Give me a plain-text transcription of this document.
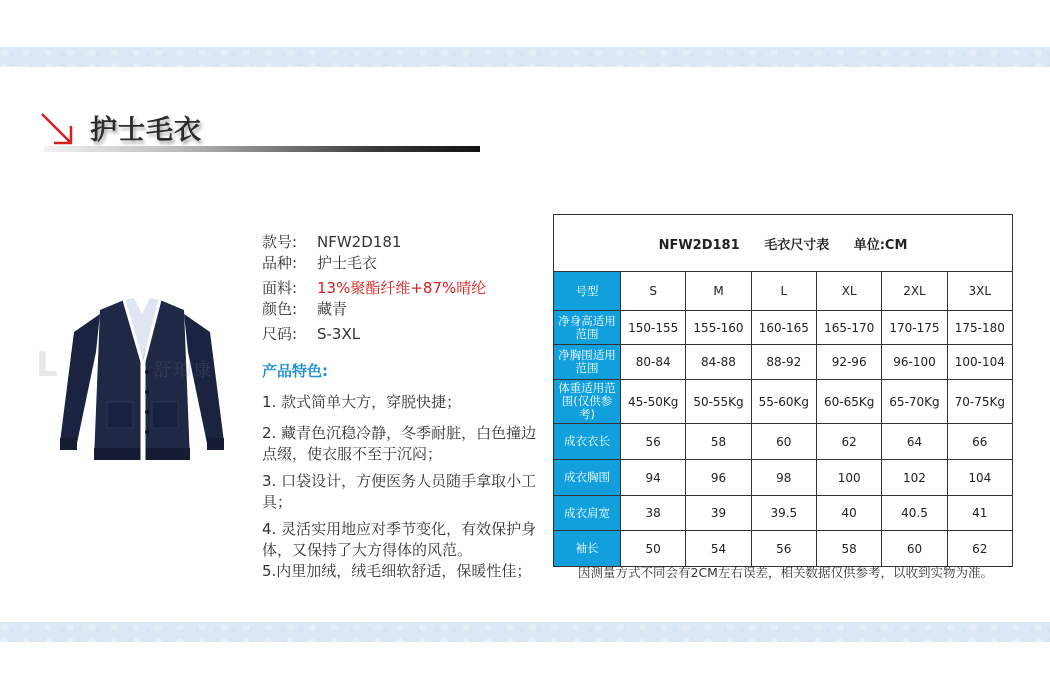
护士毛衣
L	舒珀康
款号: NFW2D181
品种: 护士毛衣
面料: 13%聚酯纤维+87%晴纶
颜色: 藏青
尺码: S-3XL
产品特色:
1. 款式简单大方，穿脱快捷；
2. 藏青色沉稳冷静，冬季耐脏，白色撞边点缀，使衣服不至于沉闷；
3. 口袋设计，方便医务人员随手拿取小工具；
4. 灵活实用地应对季节变化，有效保护身体，又保持了大方得体的风范。
5.内里加绒，绒毛细软舒适，保暖性佳；
NFW2D181 毛衣尺寸表 单位:CM						
号型	S	M	L	XL	2XL	3XL
净身高适用范围	150-155	155-160	160-165	165-170	170-175	175-180
净胸围适用范围	80-84	84-88	88-92	92-96	96-100	100-104
体重适用范围(仅供参考)	45-50Kg	50-55Kg	55-60Kg	60-65Kg	65-70Kg	70-75Kg
成衣衣长	56	58	60	62	64	66
成衣胸围	94	96	98	100	102	104
成衣肩宽	38	39	39.5	40	40.5	41
袖长	50	54	56	58	60	62
因测量方式不同会有2CM左右误差，相关数据仅供参考，以收到实物为准。
